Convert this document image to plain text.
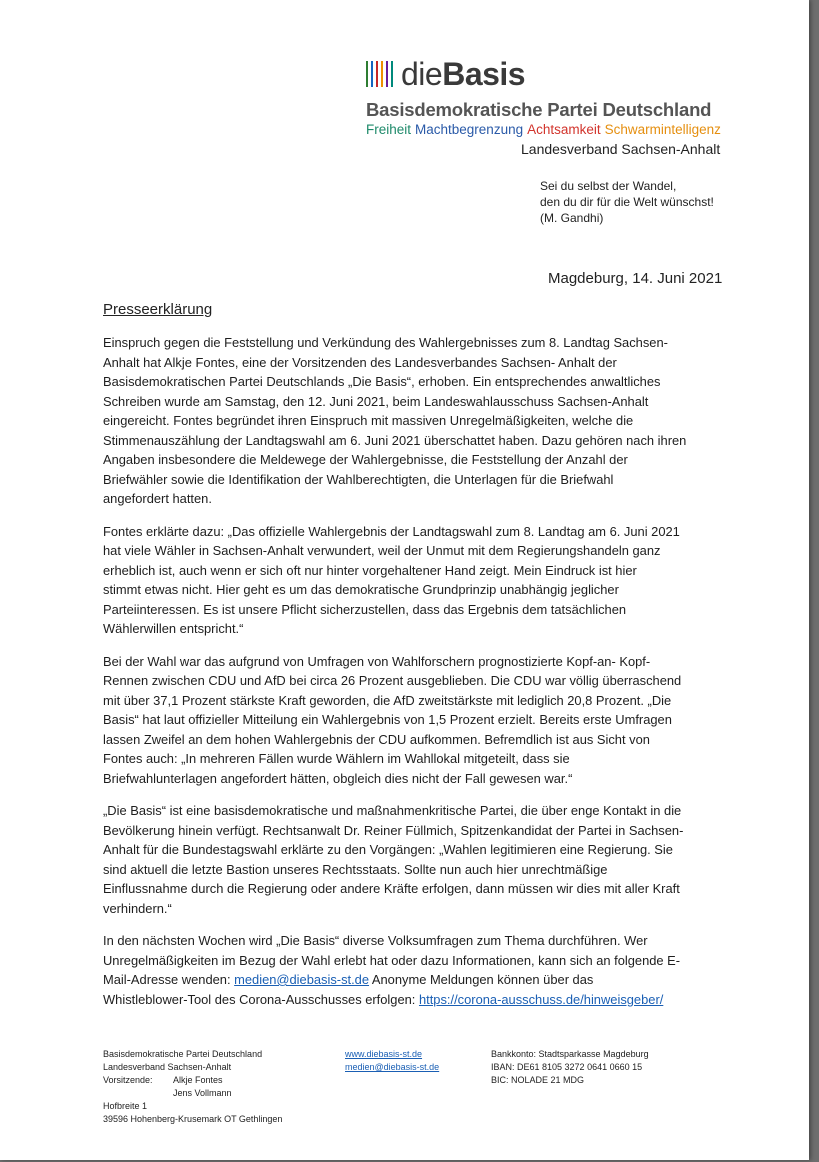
dieBasis
Basisdemokratische Partei Deutschland
Freiheit Machtbegrenzung Achtsamkeit Schwarmintelligenz
Landesverband Sachsen-Anhalt
Sei du selbst der Wandel,
den du dir für die Welt wünschst!
(M. Gandhi)
Magdeburg, 14. Juni 2021
Presseerklärung
Einspruch gegen die Feststellung und Verkündung des Wahlergebnisses zum 8. Landtag Sachsen-
Anhalt hat Alkje Fontes, eine der Vorsitzenden des Landesverbandes Sachsen- Anhalt der
Basisdemokratischen Partei Deutschlands „Die Basis“, erhoben. Ein entsprechendes anwaltliches
Schreiben wurde am Samstag, den 12. Juni 2021, beim Landeswahlausschuss Sachsen-Anhalt
eingereicht. Fontes begründet ihren Einspruch mit massiven Unregelmäßigkeiten, welche die
Stimmenauszählung der Landtagswahl am 6. Juni 2021 überschattet haben. Dazu gehören nach ihren
Angaben insbesondere die Meldewege der Wahlergebnisse, die Feststellung der Anzahl der
Briefwähler sowie die Identifikation der Wahlberechtigten, die Unterlagen für die Briefwahl
angefordert hatten.
Fontes erklärte dazu: „Das offizielle Wahlergebnis der Landtagswahl zum 8. Landtag am 6. Juni 2021
hat viele Wähler in Sachsen-Anhalt verwundert, weil der Unmut mit dem Regierungshandeln ganz
erheblich ist, auch wenn er sich oft nur hinter vorgehaltener Hand zeigt. Mein Eindruck ist hier
stimmt etwas nicht. Hier geht es um das demokratische Grundprinzip unabhängig jeglicher
Parteiinteressen. Es ist unsere Pflicht sicherzustellen, dass das Ergebnis dem tatsächlichen
Wählerwillen entspricht.“
Bei der Wahl war das aufgrund von Umfragen von Wahlforschern prognostizierte Kopf-an- Kopf-
Rennen zwischen CDU und AfD bei circa 26 Prozent ausgeblieben. Die CDU war völlig überraschend
mit über 37,1 Prozent stärkste Kraft geworden, die AfD zweitstärkste mit lediglich 20,8 Prozent. „Die
Basis“ hat laut offizieller Mitteilung ein Wahlergebnis von 1,5 Prozent erzielt. Bereits erste Umfragen
lassen Zweifel an dem hohen Wahlergebnis der CDU aufkommen. Befremdlich ist aus Sicht von
Fontes auch: „In mehreren Fällen wurde Wählern im Wahllokal mitgeteilt, dass sie
Briefwahlunterlagen angefordert hätten, obgleich dies nicht der Fall gewesen war.“
„Die Basis“ ist eine basisdemokratische und maßnahmenkritische Partei, die über enge Kontakt in die
Bevölkerung hinein verfügt. Rechtsanwalt Dr. Reiner Füllmich, Spitzenkandidat der Partei in Sachsen-
Anhalt für die Bundestagswahl erklärte zu den Vorgängen: „Wahlen legitimieren eine Regierung. Sie
sind aktuell die letzte Bastion unseres Rechtsstaats. Sollte nun auch hier unrechtmäßige
Einflussnahme durch die Regierung oder andere Kräfte erfolgen, dann müssen wir dies mit aller Kraft
verhindern.“
In den nächsten Wochen wird „Die Basis“ diverse Volksumfragen zum Thema durchführen. Wer
Unregelmäßigkeiten im Bezug der Wahl erlebt hat oder dazu Informationen, kann sich an folgende E-
Mail-Adresse wenden: medien@diebasis-st.de Anonyme Meldungen können über das
Whistleblower-Tool des Corona-Ausschusses erfolgen: https://corona-ausschuss.de/hinweisgeber/
Basisdemokratische Partei Deutschland
Landesverband Sachsen-Anhalt
Vorsitzende:	Alkje Fontes
Jens Vollmann
Hofbreite 1
39596 Hohenberg-Krusemark OT Gethlingen
www.diebasis-st.de
medien@diebasis-st.de
Bankkonto: Stadtsparkasse Magdeburg
IBAN: DE61 8105 3272 0641 0660 15
BIC: NOLADE 21 MDG
